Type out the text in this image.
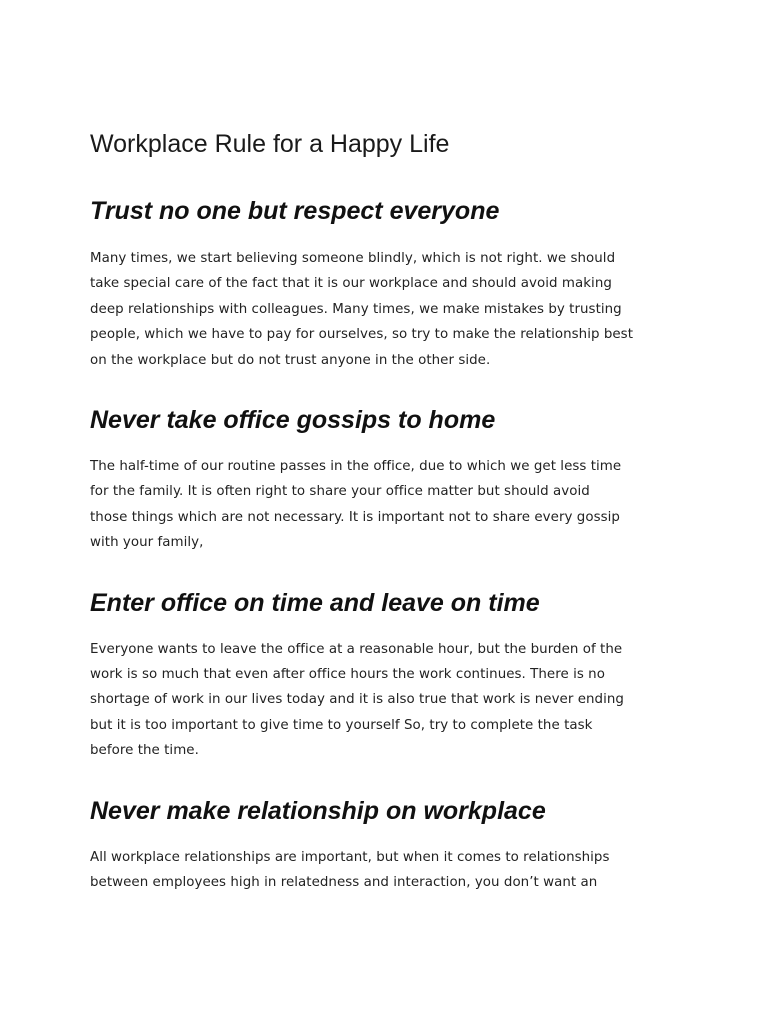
Workplace Rule for a Happy Life
Trust no one but respect everyone

Many times, we start believing someone blindly, which is not right. we should
take special care of the fact that it is our workplace and should avoid making
deep relationships with colleagues. Many times, we make mistakes by trusting
people, which we have to pay for ourselves, so try to make the relationship best
on the workplace but do not trust anyone in the other side.

Never take office gossips to home

The half-time of our routine passes in the office, due to which we get less time
for the family. It is often right to share your office matter but should avoid
those things which are not necessary. It is important not to share every gossip
with your family,

Enter office on time and leave on time

Everyone wants to leave the office at a reasonable hour, but the burden of the
work is so much that even after office hours the work continues. There is no
shortage of work in our lives today and it is also true that work is never ending
but it is too important to give time to yourself So, try to complete the task
before the time.

Never make relationship on workplace

All workplace relationships are important, but when it comes to relationships
between employees high in relatedness and interaction, you don’t want an
